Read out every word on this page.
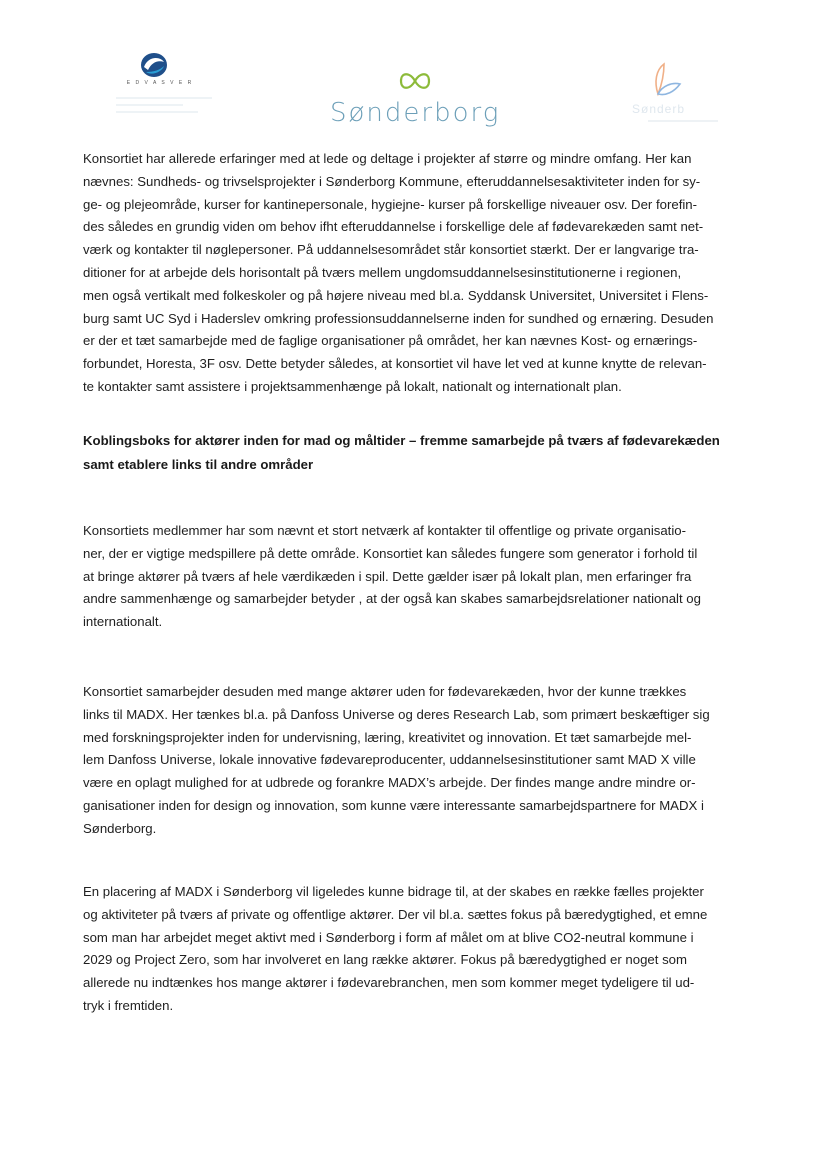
E D V A S V E R
Sønderborg	Sønderb

Konsortiet har allerede erfaringer med at lede og deltage i projekter af større og mindre omfang. Her kan
nævnes: Sundheds- og trivselsprojekter i Sønderborg Kommune, efteruddannelsesaktiviteter inden for sy-
ge- og plejeområde, kurser for kantinepersonale, hygiejne- kurser på forskellige niveauer osv. Der forefin-
des således en grundig viden om behov ifht efteruddannelse i forskellige dele af fødevarekæden samt net-
værk og kontakter til nøglepersoner. På uddannelsesområdet står konsortiet stærkt. Der er langvarige tra-
ditioner for at arbejde dels horisontalt på tværs mellem ungdomsuddannelsesinstitutionerne i regionen,
men også vertikalt med folkeskoler og på højere niveau med bl.a. Syddansk Universitet, Universitet i Flens-
burg samt UC Syd i Haderslev omkring professionsuddannelserne inden for sundhed og ernæring. Desuden
er der et tæt samarbejde med de faglige organisationer på området, her kan nævnes Kost- og ernærings-
forbundet, Horesta, 3F osv. Dette betyder således, at konsortiet vil have let ved at kunne knytte de relevan-
te kontakter samt assistere i projektsammenhænge på lokalt, nationalt og internationalt plan.

Koblingsboks for aktører inden for mad og måltider – fremme samarbejde på tværs af fødevarekæden
samt etablere links til andre områder

Konsortiets medlemmer har som nævnt et stort netværk af kontakter til offentlige og private organisatio-
ner, der er vigtige medspillere på dette område. Konsortiet kan således fungere som generator i forhold til
at bringe aktører på tværs af hele værdikæden i spil. Dette gælder især på lokalt plan, men erfaringer fra
andre sammenhænge og samarbejder betyder , at der også kan skabes samarbejdsrelationer nationalt og
internationalt.

Konsortiet samarbejder desuden med mange aktører uden for fødevarekæden, hvor der kunne trækkes
links til MADX. Her tænkes bl.a. på Danfoss Universe og deres Research Lab, som primært beskæftiger sig
med forskningsprojekter inden for undervisning, læring, kreativitet og innovation. Et tæt samarbejde mel-
lem Danfoss Universe, lokale innovative fødevareproducenter, uddannelsesinstitutioner samt MAD X ville
være en oplagt mulighed for at udbrede og forankre MADX’s arbejde. Der findes mange andre mindre or-
ganisationer inden for design og innovation, som kunne være interessante samarbejdspartnere for MADX i
Sønderborg.

En placering af MADX i Sønderborg vil ligeledes kunne bidrage til, at der skabes en række fælles projekter
og aktiviteter på tværs af private og offentlige aktører. Der vil bl.a. sættes fokus på bæredygtighed, et emne
som man har arbejdet meget aktivt med i Sønderborg i form af målet om at blive CO2-neutral kommune i
2029 og Project Zero, som har involveret en lang række aktører. Fokus på bæredygtighed er noget som
allerede nu indtænkes hos mange aktører i fødevarebranchen, men som kommer meget tydeligere til ud-
tryk i fremtiden.
